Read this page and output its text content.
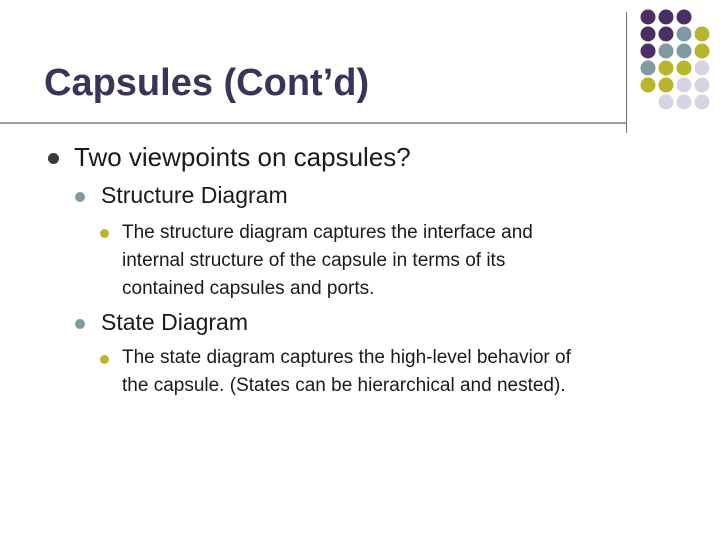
Capsules (Cont’d)
Two viewpoints on capsules?
Structure Diagram
The structure diagram captures the interface and
internal structure of the capsule in terms of its
contained capsules and ports.
State Diagram
The state diagram captures the high-level behavior of
the capsule. (States can be hierarchical and nested).
